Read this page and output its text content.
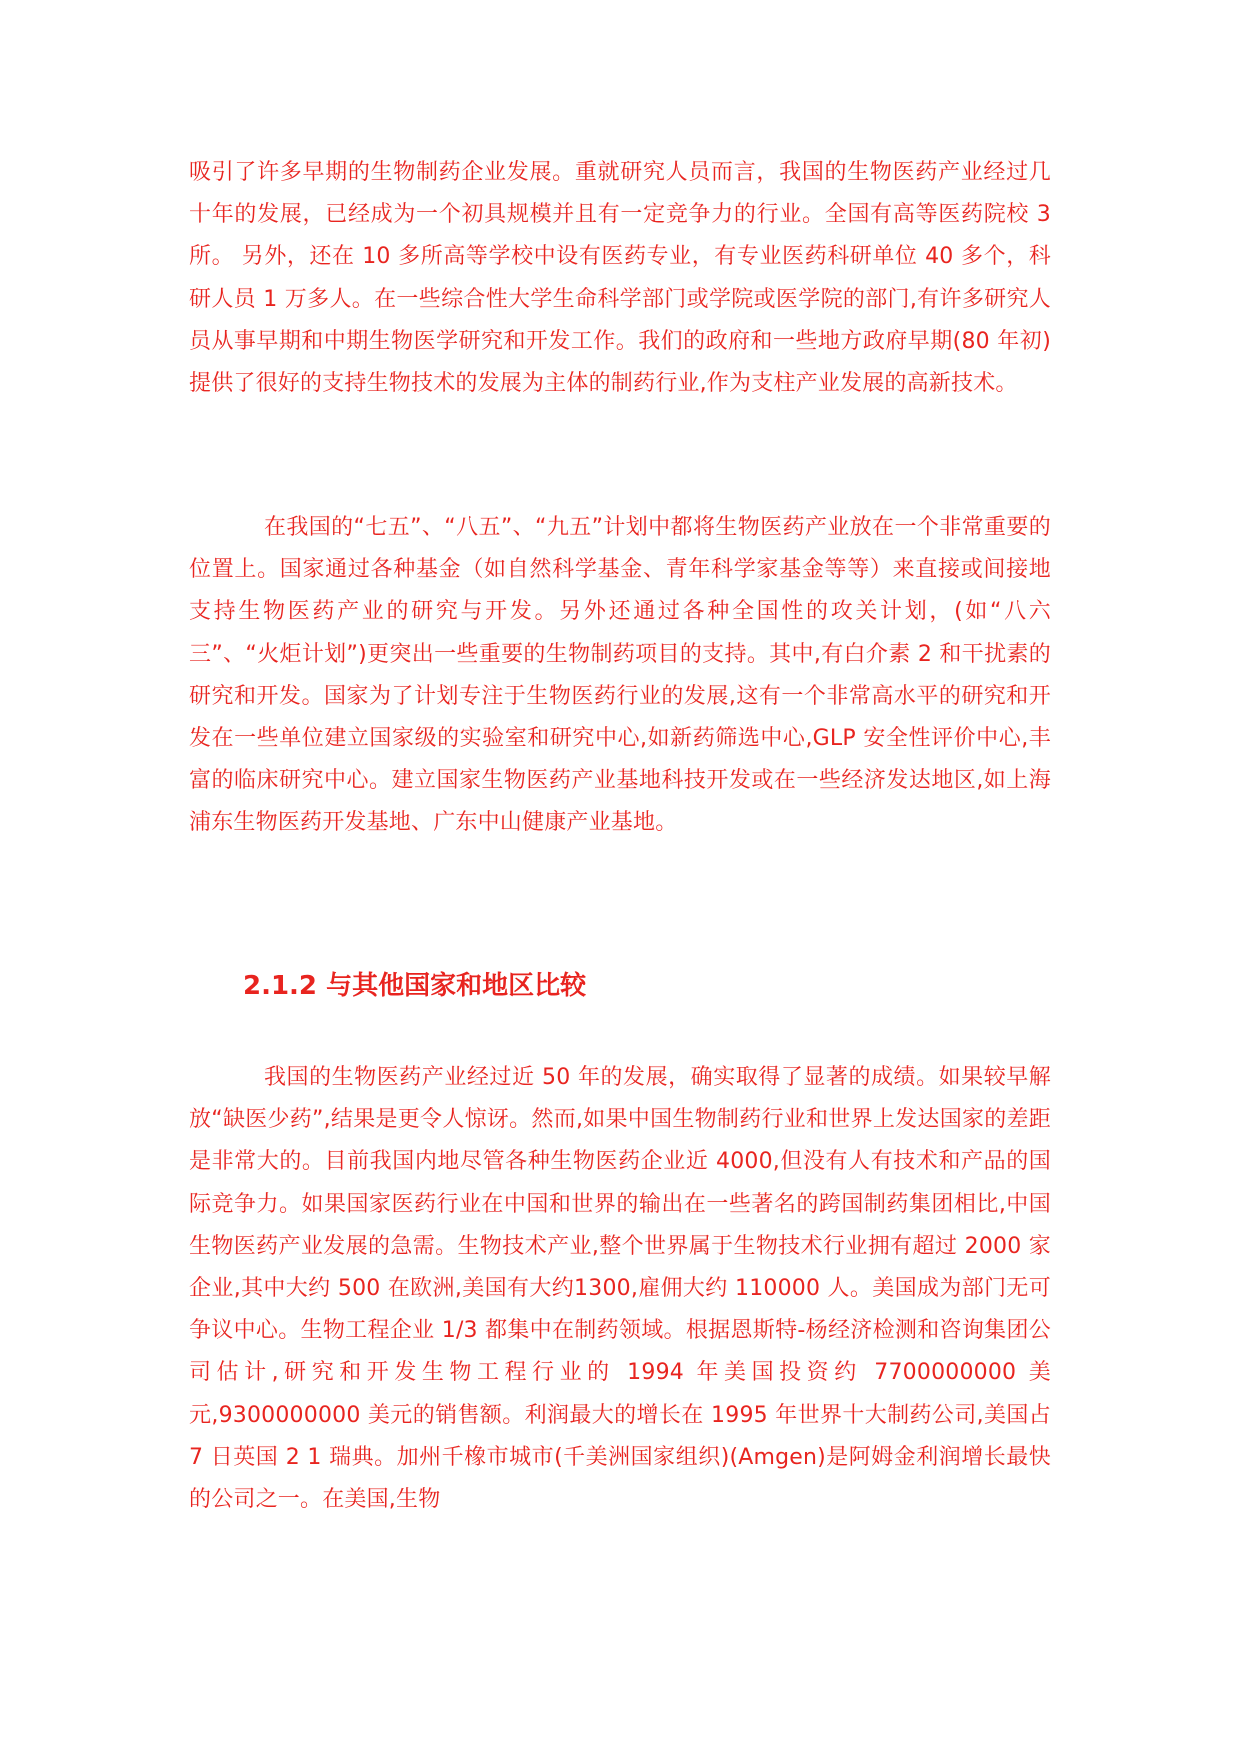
吸引了许多早期的生物制药企业发展。重就研究人员而言，我国的生物医药产业经过几十年的发展，已经成为一个初具规模并且有一定竞争力的行业。全国有高等医药院校 3 所。 另外，还在 10 多所高等学校中设有医药专业，有专业医药科研单位 40 多个，科研人员 1 万多人。在一些综合性大学生命科学部门或学院或医学院的部门,有许多研究人员从事早期和中期生物医学研究和开发工作。我们的政府和一些地方政府早期(80 年初)提供了很好的支持生物技术的发展为主体的制药行业,作为支柱产业发展的高新技术。

在我国的“七五”、“八五”、“九五”计划中都将生物医药产业放在一个非常重要的位置上。国家通过各种基金（如自然科学基金、青年科学家基金等等）来直接或间接地支持生物医药产业的研究与开发。另外还通过各种全国性的攻关计划，(如“八六三”、“火炬计划”)更突出一些重要的生物制药项目的支持。其中,有白介素 2 和干扰素的研究和开发。国家为了计划专注于生物医药行业的发展,这有一个非常高水平的研究和开发在一些单位建立国家级的实验室和研究中心,如新药筛选中心,GLP 安全性评价中心,丰富的临床研究中心。建立国家生物医药产业基地科技开发或在一些经济发达地区,如上海浦东生物医药开发基地、广东中山健康产业基地。

2.1.2 与其他国家和地区比较

我国的生物医药产业经过近 50 年的发展，确实取得了显著的成绩。如果较早解放“缺医少药”,结果是更令人惊讶。然而,如果中国生物制药行业和世界上发达国家的差距是非常大的。目前我国内地尽管各种生物医药企业近 4000,但没有人有技术和产品的国际竞争力。如果国家医药行业在中国和世界的输出在一些著名的跨国制药集团相比,中国生物医药产业发展的急需。生物技术产业,整个世界属于生物技术行业拥有超过 2000 家企业,其中大约 500 在欧洲,美国有大约1300,雇佣大约 110000 人。美国成为部门无可争议中心。生物工程企业 1/3 都集中在制药领域。根据恩斯特-杨经济检测和咨询集团公司估计,研究和开发生物工程行业的 1994 年美国投资约 7700000000 美元,9300000000 美元的销售额。利润最大的增长在 1995 年世界十大制药公司,美国占 7 日英国 2 1 瑞典。加州千橡市城市(千美洲国家组织)(Amgen)是阿姆金利润增长最快的公司之一。在美国,生物
